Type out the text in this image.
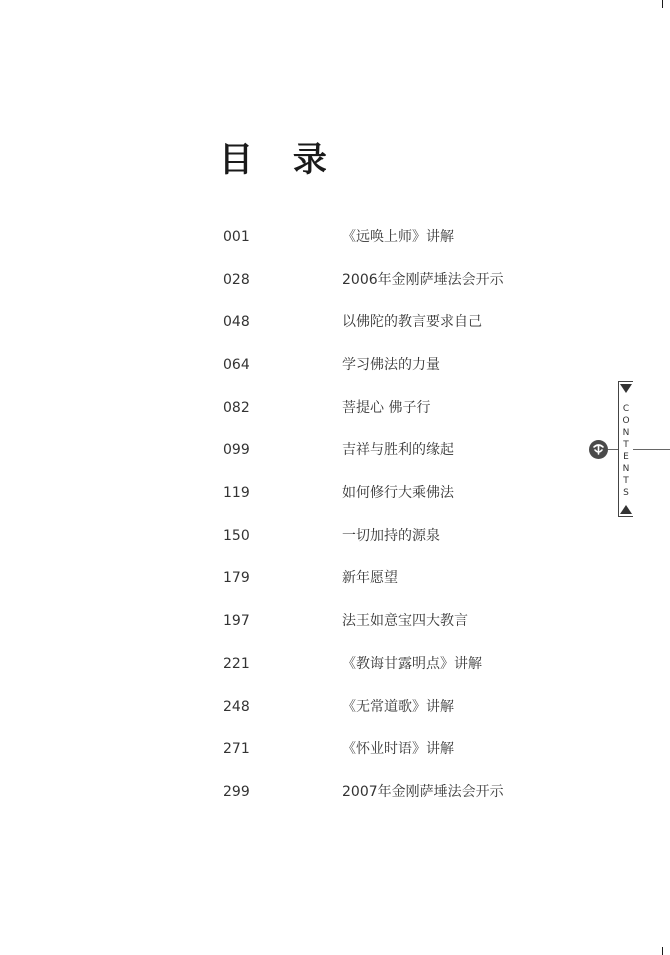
目 录
001	《远唤上师》讲解
028	2006年金刚萨埵法会开示
048	以佛陀的教言要求自己
064	学习佛法的力量
082	菩提心 佛子行
099	吉祥与胜利的缘起
119	如何修行大乘佛法
150	一切加持的源泉
179	新年愿望
197	法王如意宝四大教言
221	《教诲甘露明点》讲解
248	《无常道歌》讲解
271	《怀业时语》讲解
299	2007年金刚萨埵法会开示
CONTENTS
